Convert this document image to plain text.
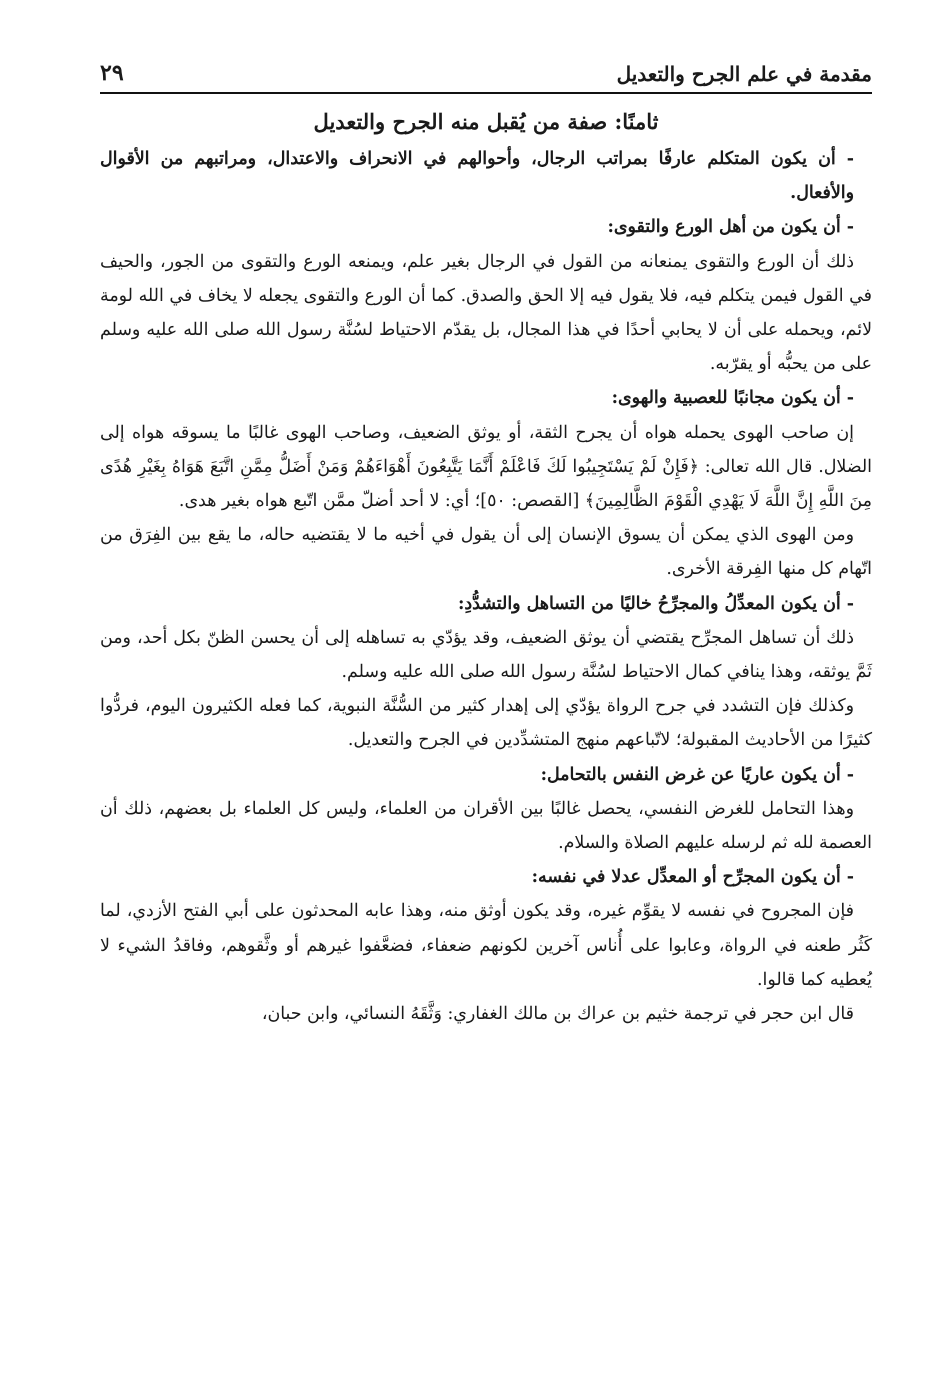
مقدمة في علم الجرح والتعديل
٢٩
ثامنًا: صفة من يُقبل منه الجرح والتعديل

- أن يكون المتكلم عارفًا بمراتب الرجال، وأحوالهم في الانحراف والاعتدال، ومراتبهم من الأقوال والأفعال.

- أن يكون من أهل الورع والتقوى:

ذلك أن الورع والتقوى يمنعانه من القول في الرجال بغير علم، ويمنعه الورع والتقوى من الجور، والحيف في القول فيمن يتكلم فيه، فلا يقول فيه إلا الحق والصدق. كما أن الورع والتقوى يجعله لا يخاف في الله لومة لائم، ويحمله على أن لا يحابي أحدًا في هذا المجال، بل يقدّم الاحتياط لسُنَّة رسول الله صلى الله عليه وسلم على من يحبُّه أو يقرّبه.

- أن يكون مجانبًا للعصبية والهوى:

إن صاحب الهوى يحمله هواه أن يجرح الثقة، أو يوثق الضعيف، وصاحب الهوى غالبًا ما يسوقه هواه إلى الضلال. قال الله تعالى: ﴿فَإِنْ لَمْ يَسْتَجِيبُوا لَكَ فَاعْلَمْ أَنَّمَا يَتَّبِعُونَ أَهْوَاءَهُمْ وَمَنْ أَضَلُّ مِمَّنِ اتَّبَعَ هَوَاهُ بِغَيْرِ هُدًى مِنَ اللَّهِ إِنَّ اللَّهَ لَا يَهْدِي الْقَوْمَ الظَّالِمِينَ﴾ [القصص: ٥٠]؛ أي: لا أحد أضلّ ممَّن اتّبع هواه بغير هدى.

ومن الهوى الذي يمكن أن يسوق الإنسان إلى أن يقول في أخيه ما لا يقتضيه حاله، ما يقع بين الفِرَق من اتّهام كل منها الفِرقة الأخرى.

- أن يكون المعدِّلُ والمجرِّحُ خاليًا من التساهل والتشدُّدِ:

ذلك أن تساهل المجرِّح يقتضي أن يوثق الضعيف، وقد يؤدّي به تساهله إلى أن يحسن الظنّ بكل أحد، ومن ثَمَّ يوثقه، وهذا ينافي كمال الاحتياط لسُنَّة رسول الله صلى الله عليه وسلم.

وكذلك فإن التشدد في جرح الرواة يؤدّي إلى إهدار كثير من السُّنَّة النبوية، كما فعله الكثيرون اليوم، فردُّوا كثيرًا من الأحاديث المقبولة؛ لاتّباعهم منهج المتشدِّدين في الجرح والتعديل.

- أن يكون عاريًا عن غرض النفس بالتحامل:

وهذا التحامل للغرض النفسي، يحصل غالبًا بين الأقران من العلماء، وليس كل العلماء بل بعضهم، ذلك أن العصمة لله ثم لرسله عليهم الصلاة والسلام.

- أن يكون المجرِّح أو المعدِّل عدلا في نفسه:

فإن المجروح في نفسه لا يقوِّم غيره، وقد يكون أوثق منه، وهذا عابه المحدثون على أبي الفتح الأزدي، لما كَثُر طعنه في الرواة، وعابوا على أُناس آخرين لكونهم ضعفاء، فضعَّفوا غيرهم أو وثَّقوهم، وفاقدُ الشيء لا يُعطيه كما قالوا.

قال ابن حجر في ترجمة خثيم بن عراك بن مالك الغفاري: وَثَّقَهُ النسائي، وابن حبان،
